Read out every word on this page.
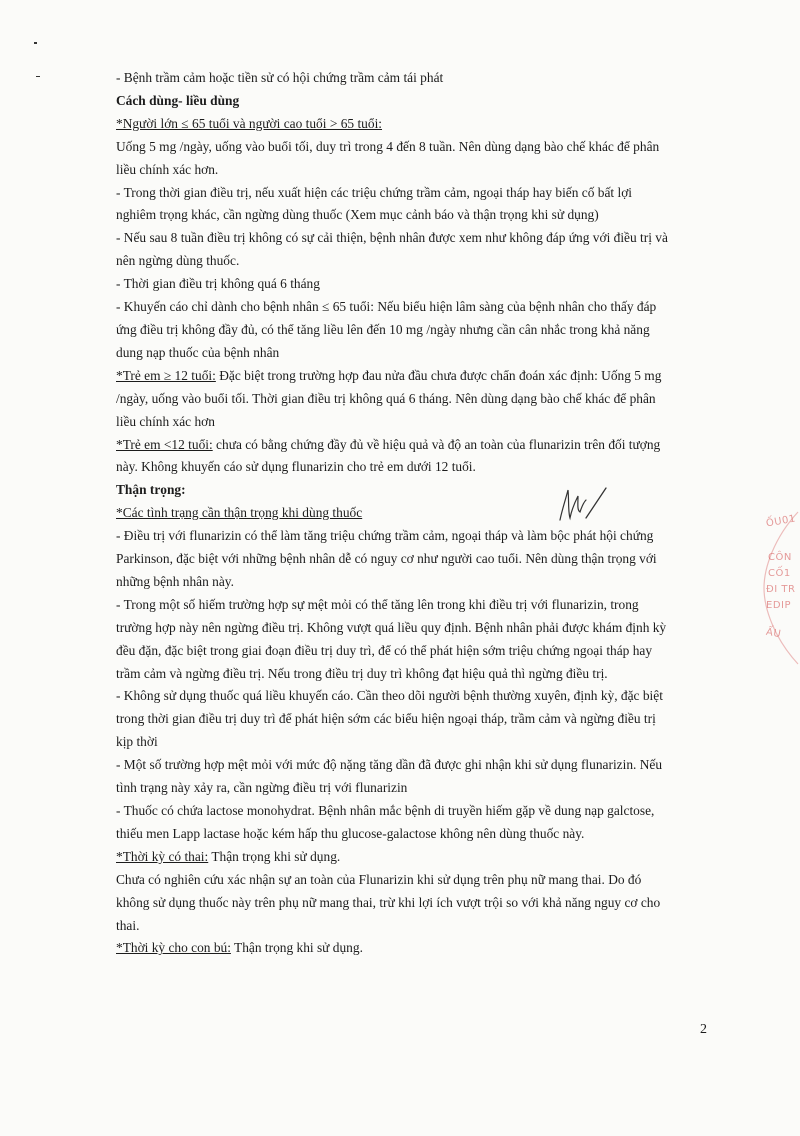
- Bệnh trầm cảm hoặc tiền sử có hội chứng trầm cảm tái phát

Cách dùng- liều dùng

*Người lớn ≤ 65 tuổi và người cao tuổi > 65 tuổi:

Uống 5 mg /ngày, uống vào buổi tối, duy trì trong 4 đến 8 tuần. Nên dùng dạng bào chế khác để phân

liều chính xác hơn.

- Trong thời gian điều trị, nếu xuất hiện các triệu chứng trầm cảm, ngoại tháp hay biến cố bất lợi

nghiêm trọng khác, cần ngừng dùng thuốc (Xem mục cảnh báo và thận trọng khi sử dụng)

- Nếu sau 8 tuần điều trị không có sự cải thiện, bệnh nhân được xem như không đáp ứng với điều trị và

nên ngừng dùng thuốc.

- Thời gian điều trị không quá 6 tháng

- Khuyến cáo chỉ dành cho bệnh nhân ≤ 65 tuổi: Nếu biểu hiện lâm sàng của bệnh nhân cho thấy đáp

ứng điều trị không đầy đủ, có thể tăng liều lên đến 10 mg /ngày nhưng cần cân nhắc trong khả năng

dung nạp thuốc của bệnh nhân

*Trẻ em ≥ 12 tuổi: Đặc biệt trong trường hợp đau nửa đầu chưa được chẩn đoán xác định: Uống 5 mg

/ngày, uống vào buổi tối. Thời gian điều trị không quá 6 tháng. Nên dùng dạng bào chế khác để phân

liều chính xác hơn

*Trẻ em <12 tuổi: chưa có bằng chứng đầy đủ về hiệu quả và độ an toàn của flunarizin trên đối tượng

này. Không khuyến cáo sử dụng flunarizin cho trẻ em dưới 12 tuổi.

Thận trọng:

*Các tình trạng cần thận trọng khi dùng thuốc

- Điều trị với flunarizin có thể làm tăng triệu chứng trầm cảm, ngoại tháp và làm bộc phát hội chứng

Parkinson, đặc biệt với những bệnh nhân dễ có nguy cơ như người cao tuổi. Nên dùng thận trọng với

những bệnh nhân này.

- Trong một số hiếm trường hợp sự mệt mỏi có thể tăng lên trong khi điều trị với flunarizin, trong

trường hợp này nên ngừng điều trị. Không vượt quá liều quy định. Bệnh nhân phải được khám định kỳ

đều đặn, đặc biệt trong giai đoạn điều trị duy trì, để có thể phát hiện sớm triệu chứng ngoại tháp hay

trầm cảm và ngừng điều trị. Nếu trong điều trị duy trì không đạt hiệu quả thì ngừng điều trị.

- Không sử dụng thuốc quá liều khuyến cáo. Cần theo dõi người bệnh thường xuyên, định kỳ, đặc biệt

trong thời gian điều trị duy trì để phát hiện sớm các biểu hiện ngoại tháp, trầm cảm và ngừng điều trị

kịp thời

- Một số trường hợp mệt mỏi với mức độ nặng tăng dần đã được ghi nhận khi sử dụng flunarizin. Nếu

tình trạng này xảy ra, cần ngừng điều trị với flunarizin

- Thuốc có chứa lactose monohydrat. Bệnh nhân mắc bệnh di truyền hiếm gặp về dung nạp galctose,

thiếu men Lapp lactase hoặc kém hấp thu glucose-galactose không nên dùng thuốc này.

*Thời kỳ có thai: Thận trọng khi sử dụng.

Chưa có nghiên cứu xác nhận sự an toàn của Flunarizin khi sử dụng trên phụ nữ mang thai. Do đó

không sử dụng thuốc này trên phụ nữ mang thai, trừ khi lợi ích vượt trội so với khả năng nguy cơ cho

thai.

*Thời kỳ cho con bú: Thận trọng khi sử dụng.

ỐU01
CÔN
CỐ1
ĐI TR
EDIP
ẤU
2
